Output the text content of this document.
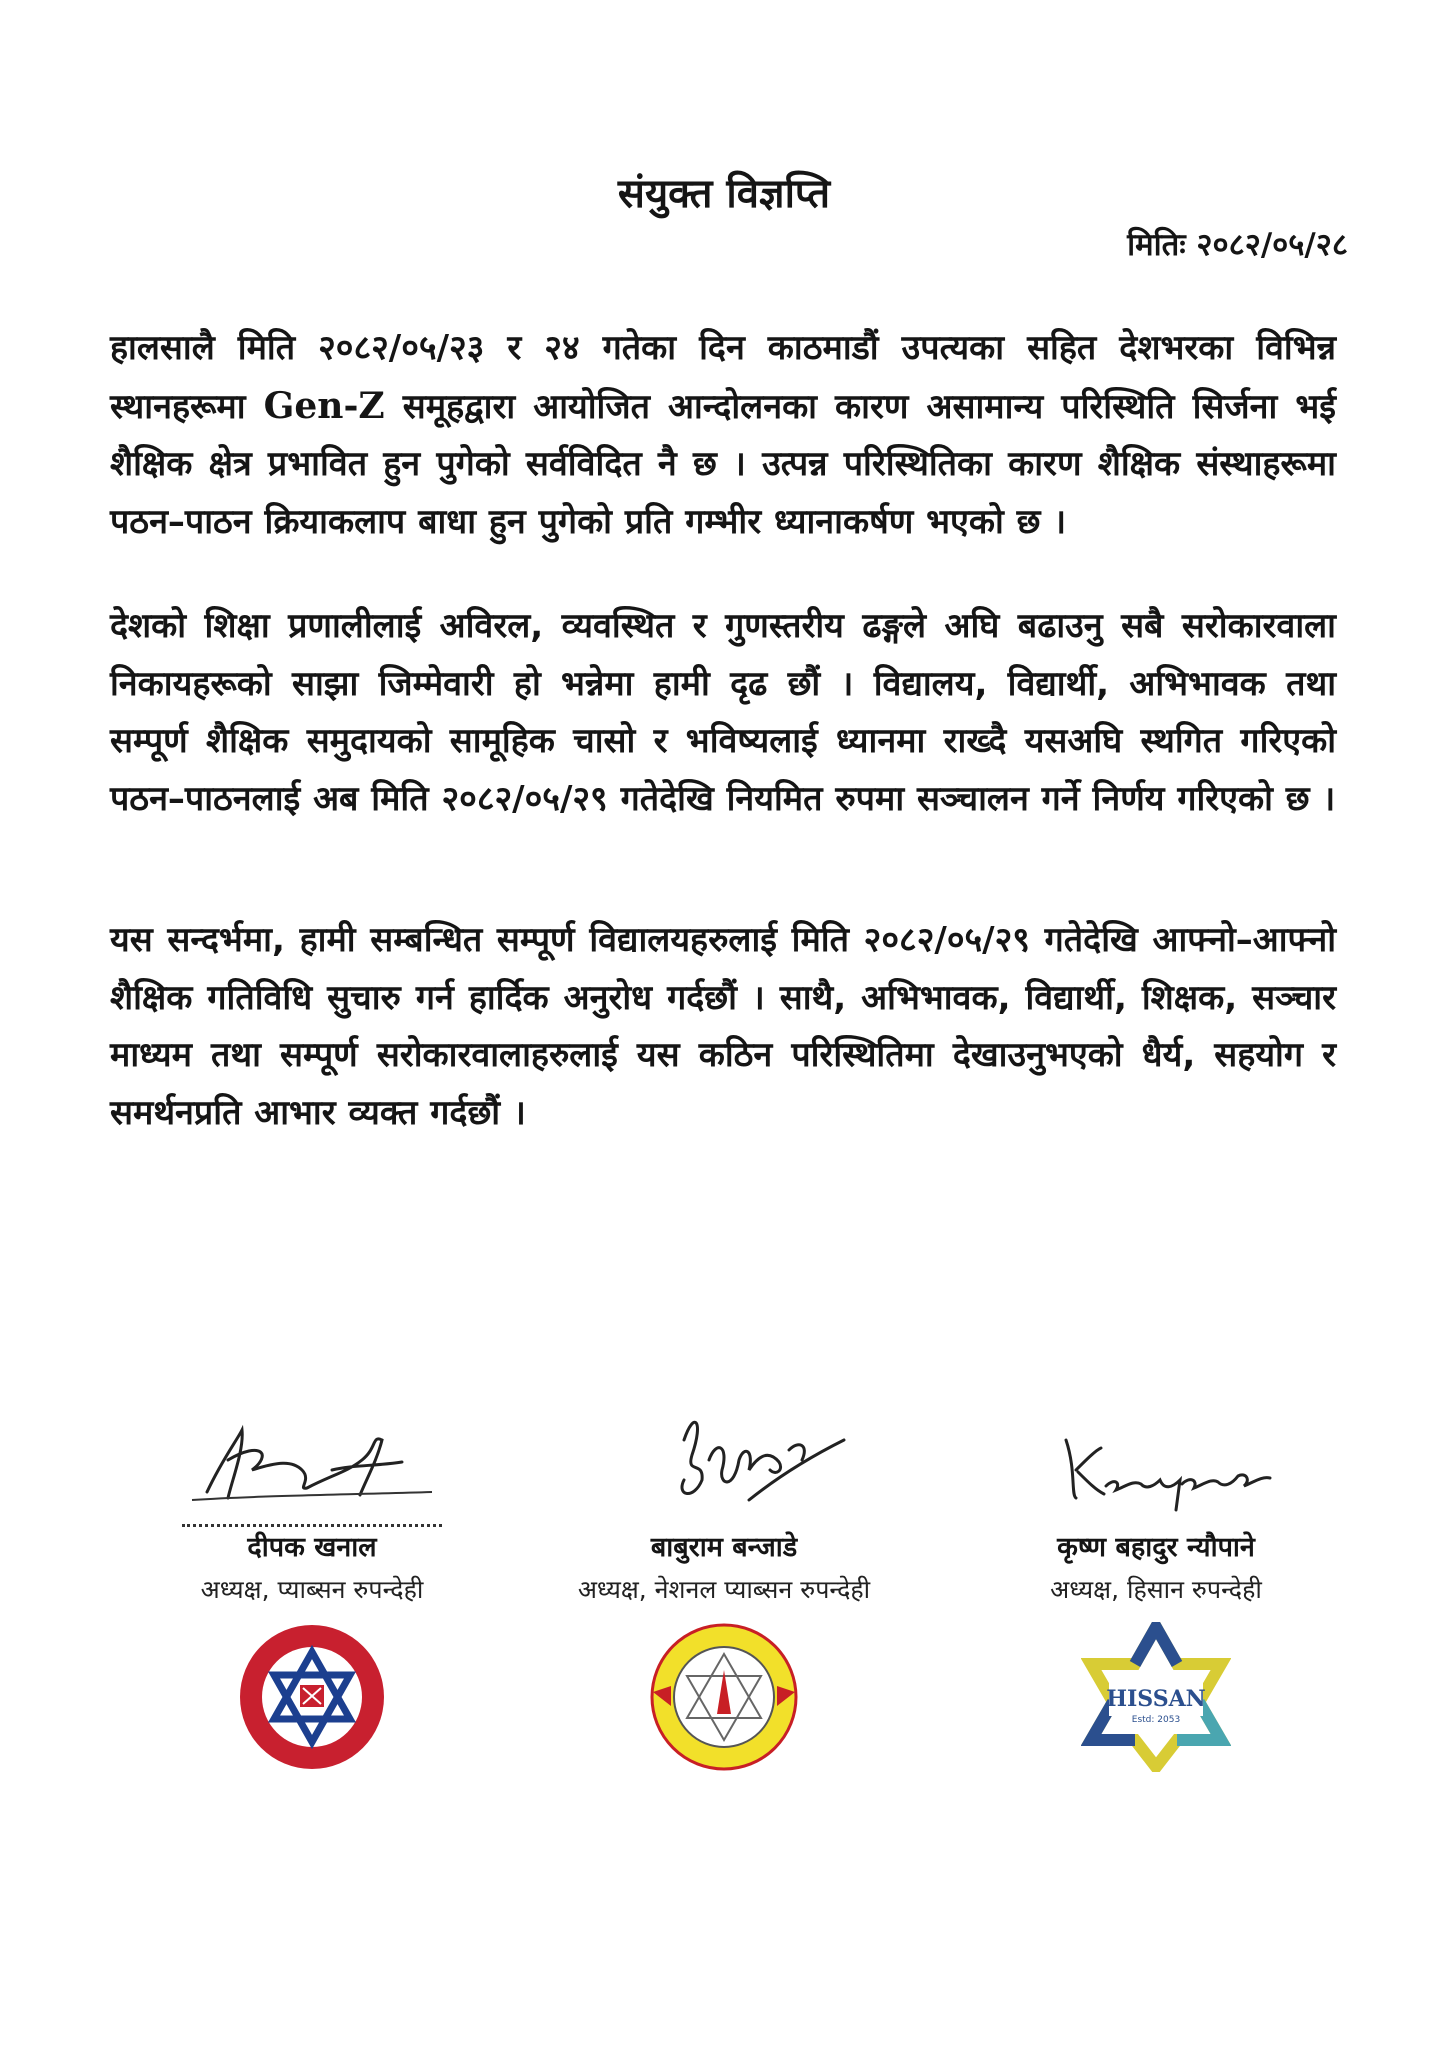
संयुक्त विज्ञप्ति
मितिः २०८२/०५/२८

हालसालै मिति २०८२/०५/२३ र २४ गतेका दिन काठमाडौं उपत्यका सहित देशभरका विभिन्न स्थानहरूमा Gen-Z समूहद्वारा आयोजित आन्दोलनका कारण असामान्य परिस्थिति सिर्जना भई शैक्षिक क्षेत्र प्रभावित हुन पुगेको सर्वविदित नै छ । उत्पन्न परिस्थितिका कारण शैक्षिक संस्थाहरूमा पठन–पाठन क्रियाकलाप बाधा हुन पुगेको प्रति गम्भीर ध्यानाकर्षण भएको छ ।

देशको शिक्षा प्रणालीलाई अविरल, व्यवस्थित र गुणस्तरीय ढङ्गले अघि बढाउनु सबै सरोकारवाला निकायहरूको साझा जिम्मेवारी हो भन्नेमा हामी दृढ छौं । विद्यालय, विद्यार्थी, अभिभावक तथा सम्पूर्ण शैक्षिक समुदायको सामूहिक चासो र भविष्यलाई ध्यानमा राख्दै यसअघि स्थगित गरिएको पठन–पाठनलाई अब मिति २०८२/०५/२९ गतेदेखि नियमित रुपमा सञ्चालन गर्ने निर्णय गरिएको छ ।

यस सन्दर्भमा, हामी सम्बन्धित सम्पूर्ण विद्यालयहरुलाई मिति २०८२/०५/२९ गतेदेखि आफ्नो–आफ्नो शैक्षिक गतिविधि सुचारु गर्न हार्दिक अनुरोध गर्दछौं । साथै, अभिभावक, विद्यार्थी, शिक्षक, सञ्चार माध्यम तथा सम्पूर्ण सरोकारवालाहरुलाई यस कठिन परिस्थितिमा देखाउनुभएको धैर्य, सहयोग र समर्थनप्रति आभार व्यक्त गर्दछौं ।

दीपक खनाल
अध्यक्ष, प्याब्सन रुपन्देही
बाबुराम बन्जाडे
अध्यक्ष, नेशनल प्याब्सन रुपन्देही
कृष्ण बहादुर न्यौपाने
अध्यक्ष, हिसान रुपन्देही
HISSAN
Estd: 2053
